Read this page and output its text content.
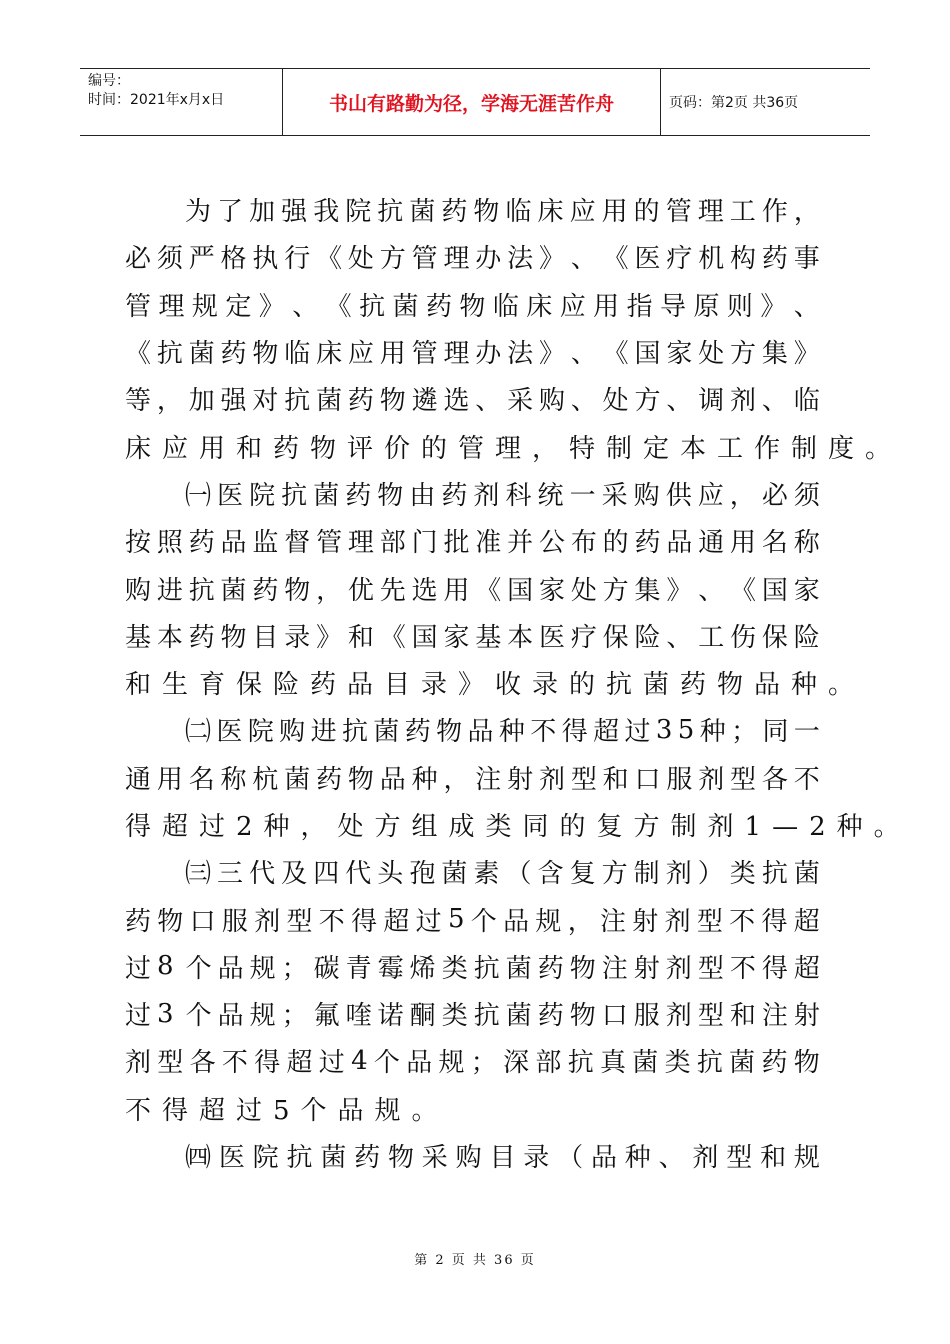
编号：
时间：2021年x月x日	书山有路勤为径，学海无涯苦作舟	页码：第2页 共36页
为 了 加 强 我 院 抗 菌 药 物 临 床 应 用 的 管 理 工 作 ，
必 须 严 格 执 行 《 处 方 管 理 办 法 》 、 《 医 疗 机 构 药 事
管 理 规 定 》 、 《 抗 菌 药 物 临 床 应 用 指 导 原 则 》 、
《 抗 菌 药 物 临 床 应 用 管 理 办 法 》 、 《 国 家 处 方 集 》
等 ， 加 强 对 抗 菌 药 物 遴 选 、 采 购 、 处 方 、 调 剂 、 临
床应用和药物评价的管理，特制定本工作制度。
㈠ 医 院 抗 菌 药 物 由 药 剂 科 统 一 采 购 供 应 ， 必 须
按 照 药 品 监 督 管 理 部 门 批 准 并 公 布 的 药 品 通 用 名 称
购 进 抗 菌 药 物 ， 优 先 选 用 《 国 家 处 方 集 》 、 《 国 家
基 本 药 物 目 录 》 和 《 国 家 基 本 医 疗 保 险 、 工 伤 保 险
和生育保险药品目录》收录的抗菌药物品种。
㈡ 医 院 购 进 抗 菌 药 物 品 种 不 得 超 过 3 5 种 ； 同 一
通 用 名 称 杭 菌 药 物 品 种 ， 注 射 剂 型 和 口 服 剂 型 各 不
得超过2种，处方组成类同的复方制剂1—2种。
㈢ 三 代 及 四 代 头 孢 菌 素 （ 含 复 方 制 剂 ） 类 抗 菌
药 物 口 服 剂 型 不 得 超 过 5 个 品 规 ， 注 射 剂 型 不 得 超
过 8 个 品 规 ； 碳 青 霉 烯 类 抗 菌 药 物 注 射 剂 型 不 得 超
过 3 个 品 规 ； 氟 喹 诺 酮 类 抗 菌 药 物 口 服 剂 型 和 注 射
剂 型 各 不 得 超 过 4 个 品 规 ； 深 部 抗 真 菌 类 抗 菌 药 物
不得超过5个品规。
㈣ 医 院 抗 菌 药 物 采 购 目 录 （ 品 种 、 剂 型 和 规
第 2 页 共 36 页
